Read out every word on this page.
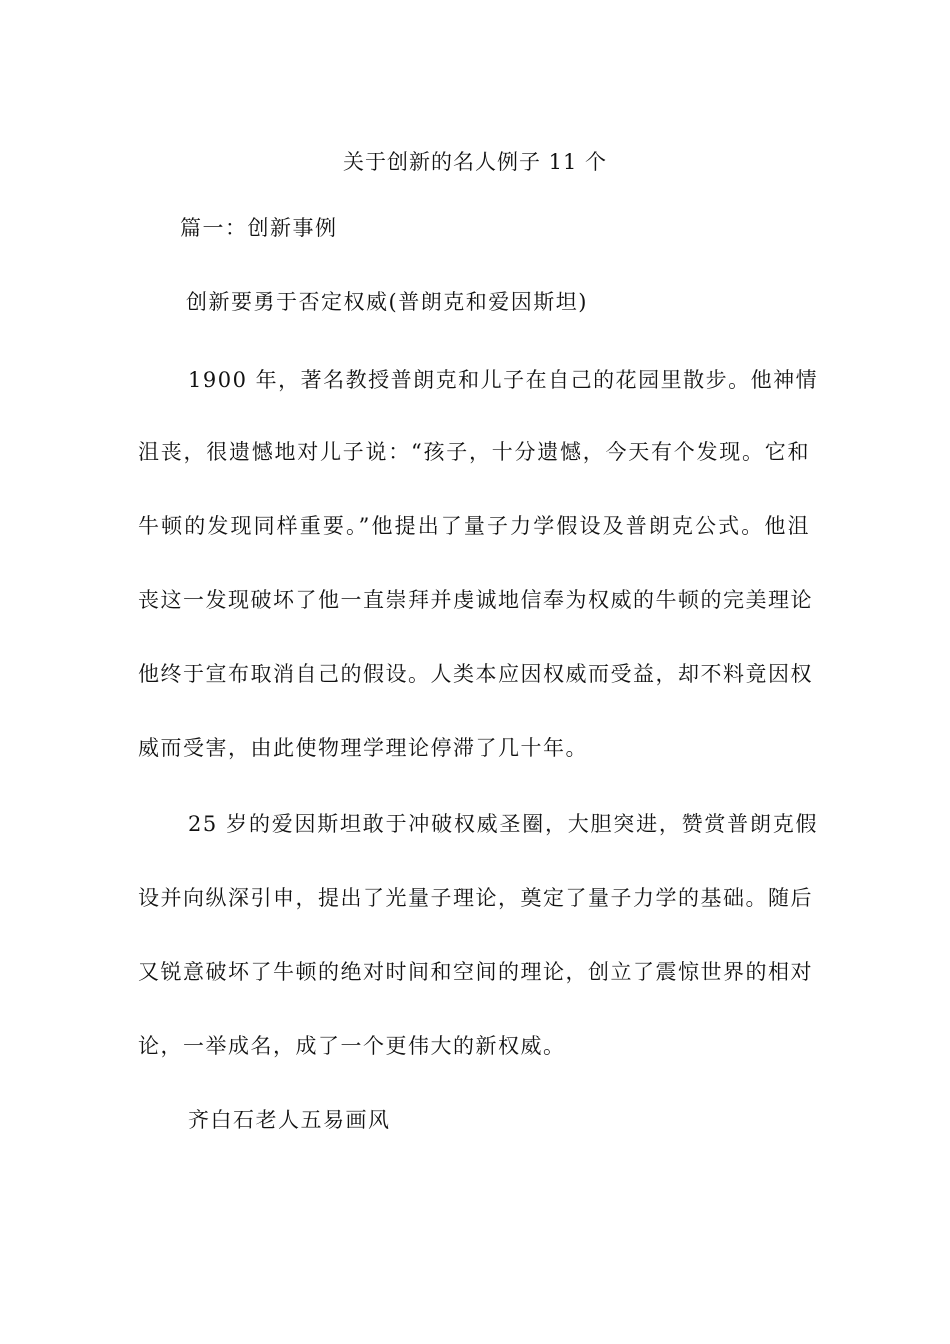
关于创新的名人例子 11 个

篇一：创新事例

创新要勇于否定权威(普朗克和爱因斯坦)

1900 年，著名教授普朗克和儿子在自己的花园里散步。他神情

沮丧，很遗憾地对儿子说：“孩子，十分遗憾，今天有个发现。它和

牛顿的发现同样重要。”他提出了量子力学假设及普朗克公式。他沮

丧这一发现破坏了他一直崇拜并虔诚地信奉为权威的牛顿的完美理论

他终于宣布取消自己的假设。人类本应因权威而受益，却不料竟因权

威而受害，由此使物理学理论停滞了几十年。

25 岁的爱因斯坦敢于冲破权威圣圈，大胆突进，赞赏普朗克假

设并向纵深引申，提出了光量子理论，奠定了量子力学的基础。随后

又锐意破坏了牛顿的绝对时间和空间的理论，创立了震惊世界的相对

论，一举成名，成了一个更伟大的新权威。

齐白石老人五易画风
